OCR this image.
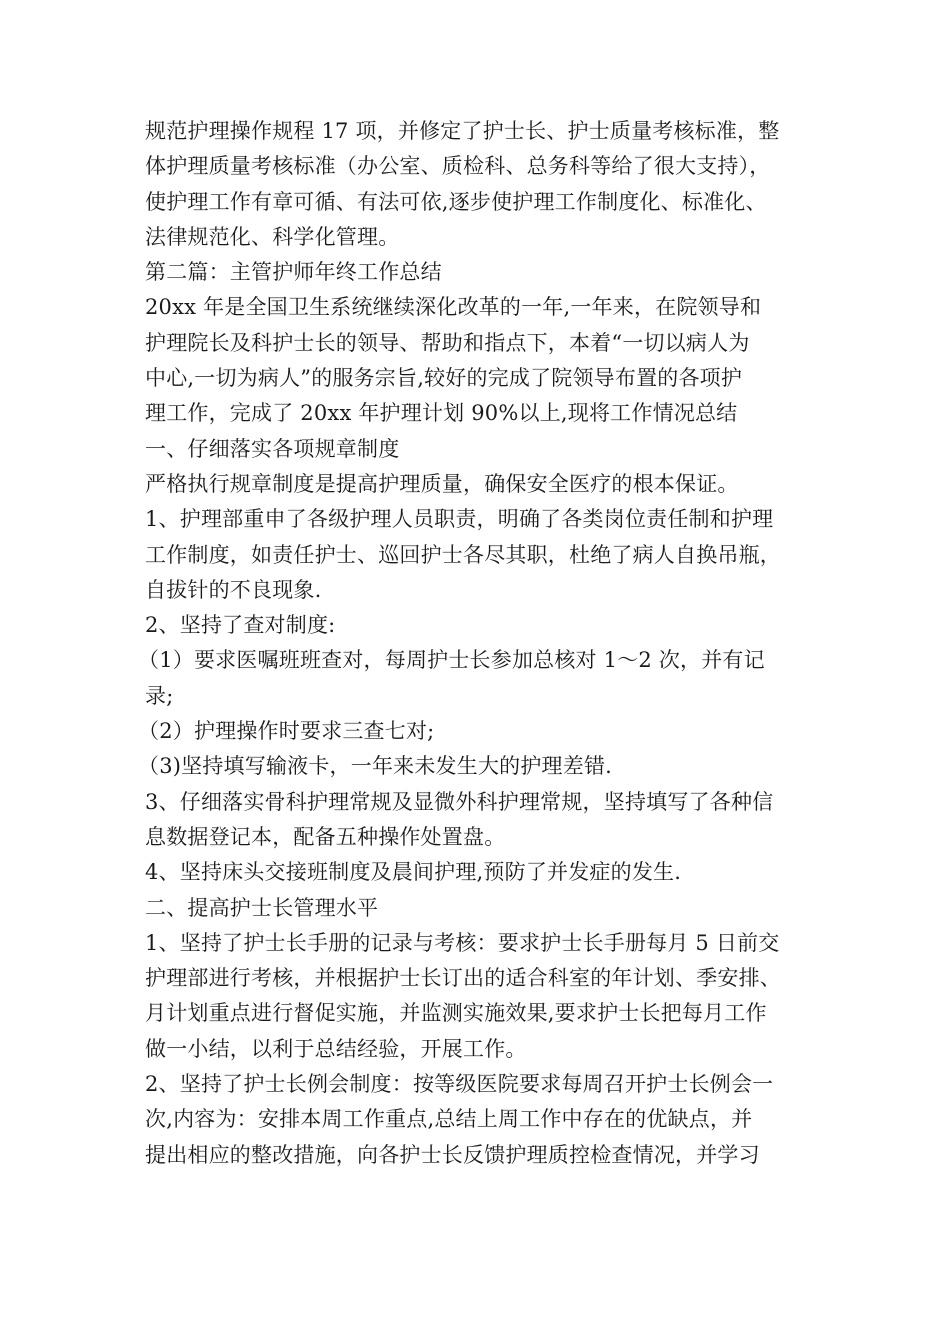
规范护理操作规程 17 项，并修定了护士长、护士质量考核标准，整
体护理质量考核标准（办公室、质检科、总务科等给了很大支持），
使护理工作有章可循、有法可依,逐步使护理工作制度化、标准化、
法律规范化、科学化管理。
第二篇：主管护师年终工作总结
20xx 年是全国卫生系统继续深化改革的一年,一年来，在院领导和
护理院长及科护士长的领导、帮助和指点下，本着“一切以病人为
中心,一切为病人”的服务宗旨,较好的完成了院领导布置的各项护
理工作，完成了 20xx 年护理计划 90%以上,现将工作情况总结
一、仔细落实各项规章制度
严格执行规章制度是提高护理质量，确保安全医疗的根本保证。
1、护理部重申了各级护理人员职责，明确了各类岗位责任制和护理
工作制度，如责任护士、巡回护士各尽其职，杜绝了病人自换吊瓶，
自拔针的不良现象.
2、坚持了查对制度:
（1）要求医嘱班班查对，每周护士长参加总核对 1～2 次，并有记
录;
（2）护理操作时要求三查七对;
（3)坚持填写输液卡，一年来未发生大的护理差错.
3、仔细落实骨科护理常规及显微外科护理常规，坚持填写了各种信
息数据登记本，配备五种操作处置盘。
4、坚持床头交接班制度及晨间护理,预防了并发症的发生.
二、提高护士长管理水平
1、坚持了护士长手册的记录与考核：要求护士长手册每月 5 日前交
护理部进行考核，并根据护士长订出的适合科室的年计划、季安排、
月计划重点进行督促实施，并监测实施效果,要求护士长把每月工作
做一小结，以利于总结经验，开展工作。
2、坚持了护士长例会制度：按等级医院要求每周召开护士长例会一
次,内容为：安排本周工作重点,总结上周工作中存在的优缺点，并
提出相应的整改措施，向各护士长反馈护理质控检查情况，并学习
